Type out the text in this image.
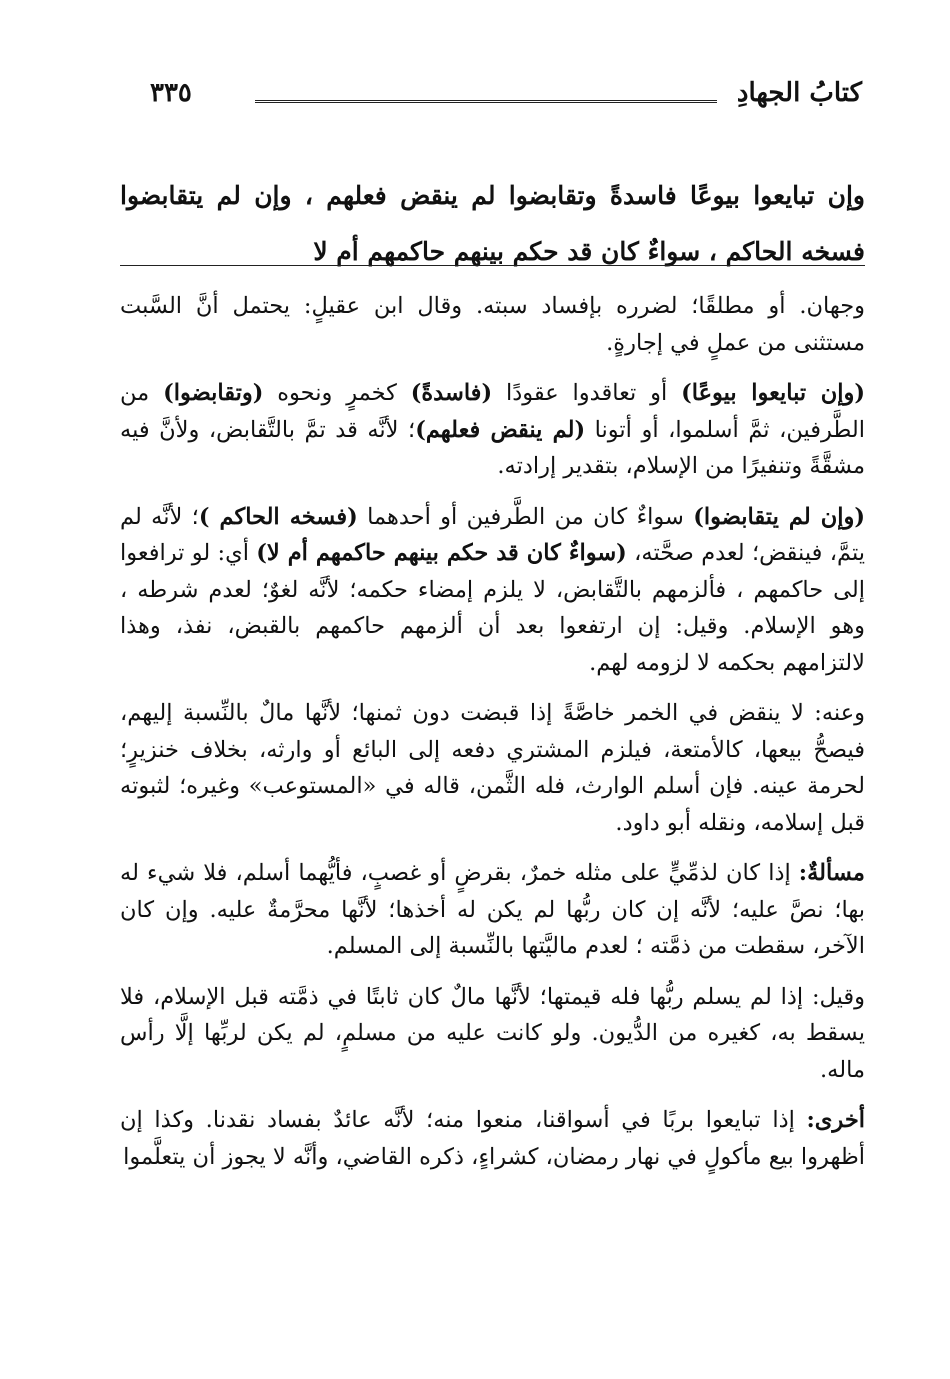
كتابُ الجهادِ
٣٣٥
وإن تبايعوا بيوعًا فاسدةً وتقابضوا لم ينقض فعلهم ، وإن لم يتقابضوا فسخه الحاكم ، سواءٌ كان قد حكم بينهم حاكمهم أم لا

وجهان. أو مطلقًا؛ لضرره بإفساد سبته. وقال ابن عقيلٍ: يحتمل أنَّ السَّبت مستثنى من عملٍ في إجارةٍ.

(وإن تبايعوا بيوعًا) أو تعاقدوا عقودًا (فاسدةً) كخمرٍ ونحوه (وتقابضوا) من الطَّرفين، ثمَّ أسلموا، أو أتونا (لم ينقض فعلهم)؛ لأنَّه قد تمَّ بالتَّقابض، ولأنَّ فيه مشقَّةً وتنفيرًا من الإسلام، بتقدير إرادته.

(وإن لم يتقابضوا) سواءٌ كان من الطَّرفين أو أحدهما (فسخه الحاكم )؛ لأنَّه لم يتمَّ، فينقض؛ لعدم صحَّته، (سواءٌ كان قد حكم بينهم حاكمهم أم لا) أي: لو ترافعوا إلى حاكمهم ، فألزمهم بالتَّقابض، لا يلزم إمضاء حكمه؛ لأنَّه لغوٌ؛ لعدم شرطه ، وهو الإسلام. وقيل: إن ارتفعوا بعد أن ألزمهم حاكمهم بالقبض، نفذ، وهذا لالتزامهم بحكمه لا لزومه لهم.

وعنه: لا ينقض في الخمر خاصَّةً إذا قبضت دون ثمنها؛ لأنَّها مالٌ بالنِّسبة إليهم، فيصحُّ بيعها، كالأمتعة، فيلزم المشتري دفعه إلى البائع أو وارثه، بخلاف خنزيرٍ؛ لحرمة عينه. فإن أسلم الوارث، فله الثَّمن، قاله في «المستوعب» وغيره؛ لثبوته قبل إسلامه، ونقله أبو داود.

مسألةٌ: إذا كان لذمِّيٍّ على مثله خمرٌ، بقرضٍ أو غصبٍ، فأيُّهما أسلم، فلا شيء له بها؛ نصَّ عليه؛ لأنَّه إن كان ربُّها لم يكن له أخذها؛ لأنَّها محرَّمةٌ عليه. وإن كان الآخر، سقطت من ذمَّته ؛ لعدم ماليَّتها بالنِّسبة إلى المسلم.

وقيل: إذا لم يسلم ربُّها فله قيمتها؛ لأنَّها مالٌ كان ثابتًا في ذمَّته قبل الإسلام، فلا يسقط به، كغيره من الدُّيون. ولو كانت عليه من مسلمٍ، لم يكن لربِّها إلَّا رأس ماله.

أخرى: إذا تبايعوا بربًا في أسواقنا، منعوا منه؛ لأنَّه عائدٌ بفساد نقدنا. وكذا إن أظهروا بيع مأكولٍ في نهار رمضان، كشراءٍ، ذكره القاضي، وأنَّه لا يجوز أن يتعلَّموا
